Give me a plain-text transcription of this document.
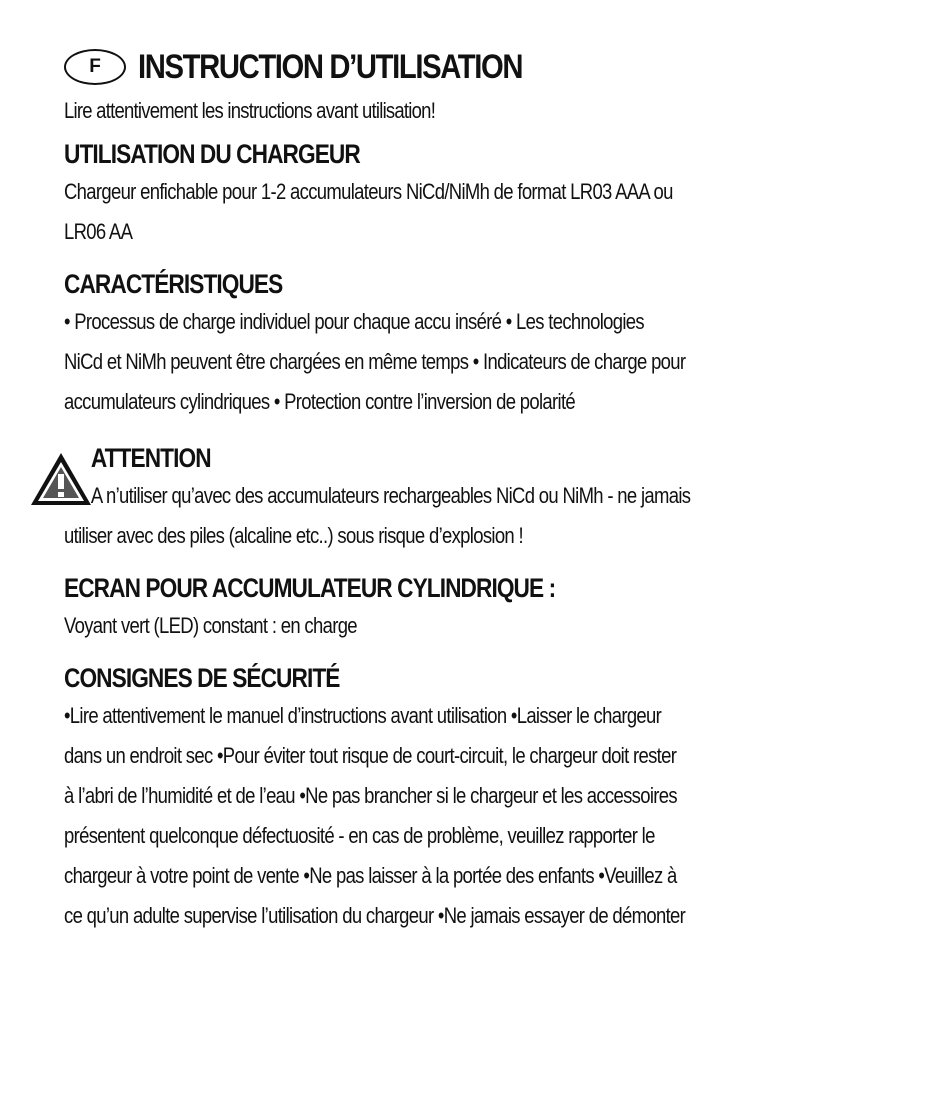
F	INSTRUCTION D’UTILISATION

Lire attentivement les instructions avant utilisation!

UTILISATION DU CHARGEUR
Chargeur enfichable pour 1-2 accumulateurs NiCd/NiMh de format LR03 AAA ou
LR06 AA
CARACTÉRISTIQUES
• Processus de charge individuel pour chaque accu inséré • Les technologies
NiCd et NiMh peuvent être chargées en même temps • Indicateurs de charge pour
accumulateurs cylindriques • Protection contre l’inversion de polarité
ATTENTION
A n’utiliser qu’avec des accumulateurs rechargeables NiCd ou NiMh - ne jamais
utiliser avec des piles (alcaline etc..) sous risque d’explosion !
ECRAN POUR ACCUMULATEUR CYLINDRIQUE :
Voyant vert (LED) constant : en charge
CONSIGNES DE SÉCURITÉ
•Lire attentivement le manuel d’instructions avant utilisation •Laisser le chargeur
dans un endroit sec •Pour éviter tout risque de court-circuit, le chargeur doit rester
à l’abri de l’humidité et de l’eau •Ne pas brancher si le chargeur et les accessoires
présentent quelconque défectuosité - en cas de problème, veuillez rapporter le
chargeur à votre point de vente •Ne pas laisser à la portée des enfants •Veuillez à
ce qu’un adulte supervise l’utilisation du chargeur •Ne jamais essayer de démonter
